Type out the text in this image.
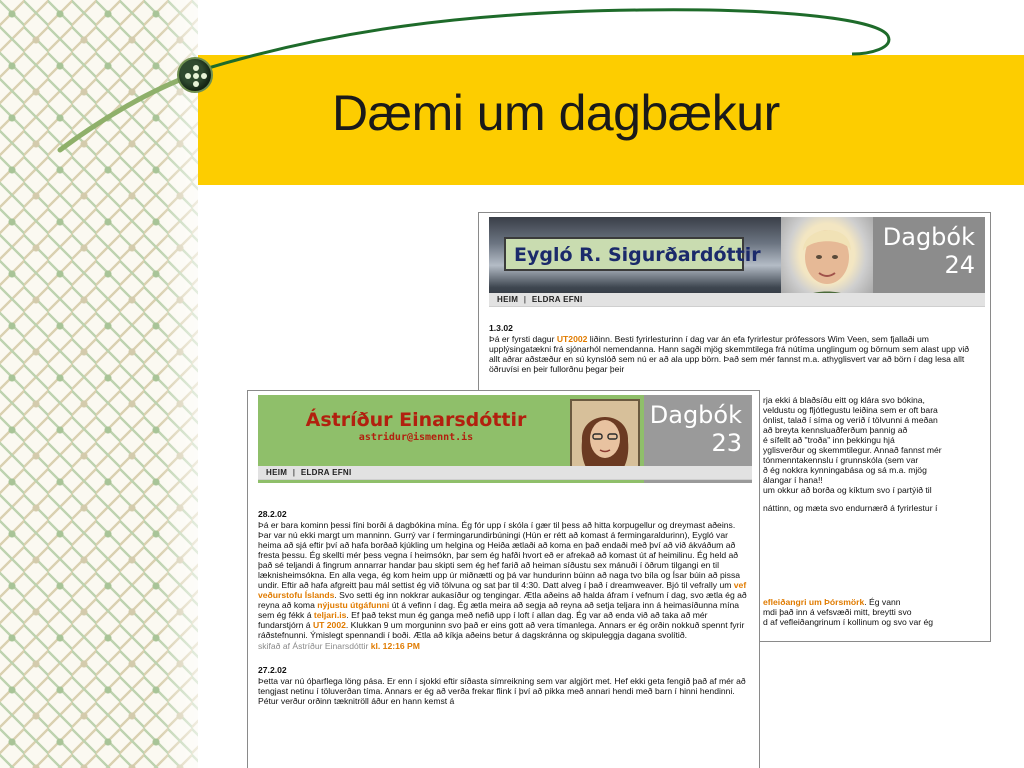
Dæmi um dagbækur
Eygló R. Sigurðardóttir
Dagbók
24
HEIM | ELDRA EFNI
1.3.02
Þá er fyrsti dagur UT2002 liðinn. Besti fyrirlesturinn í dag var án efa fyrirlestur prófessors Wim Veen, sem fjallaði um upplýsingatækni frá sjónarhól nemendanna. Hann sagði mjög skemmtilega frá nútíma unglingum og börnum sem alast upp við allt aðrar aðstæður en sú kynslóð sem nú er að ala upp börn. Það sem mér fannst m.a. athyglisvert var að börn í dag lesa allt öðruvísi en þeir fullorðnu þegar þeir
rja ekki á blaðsíðu eitt og klára svo bókina,
veldustu og fljótlegustu leiðina sem er oft bara
ónlist, talað í síma og verið í tölvunni á meðan
að breyta kennsluaðferðum þannig að
é sífellt að "troða" inn þekkingu hjá
yglisverður og skemmtilegur. Annað fannst mér
tónmenntakennslu í grunnskóla (sem var
ð ég nokkra kynningabása og sá m.a. mjög
álangar í hana!!
um okkur að borða og kíktum svo í partýið til
náttinn, og mæta svo endurnærð á fyrirlestur í
efleiðangri um Þórsmörk. Ég vann
mdi það inn á vefsvæði mitt, breytti svo
d af vefleiðangrinum í kollinum og svo var ég
Ástríður Einarsdóttir
astridur@ismennt.is
Dagbók
23
HEIM | ELDRA EFNI
28.2.02
Þá er bara kominn þessi fíni borði á dagbókina mína. Ég fór upp í skóla í gær til þess að hitta korpugellur og dreymast aðeins. Þar var nú ekki margt um manninn. Gurrý var í fermingarundirbúningi (Hún er rétt að komast á fermingaraldurinn), Eygló var heima að sjá eftir því að hafa borðað kjúkling um helgina og Heiða ætlaði að koma en það endaði með því að við ákváðum að fresta þessu. Ég skellti mér þess vegna í heimsókn, þar sem ég hafði hvort eð er afrekað að komast út af heimilinu. Ég held að það sé teljandi á fingrum annarrar handar þau skipti sem ég hef farið að heiman síðustu sex mánuði í öðrum tilgangi en til læknisheimsókna. En alla vega, ég kom heim upp úr miðnætti og þá var hundurinn búinn að naga tvo bíla og Ísar búin að pissa undir. Eftir að hafa afgreitt þau mál settist ég við tölvuna og sat þar til 4:30. Datt alveg í það í dreamweaver. Bjó til vefrally um vef veðurstofu Íslands. Svo setti ég inn nokkrar aukasíður og tengingar. Ætla aðeins að halda áfram í vefnum í dag, svo ætla ég að reyna að koma nýjustu útgáfunni út á vefinn í dag. Ég ætla meira að segja að reyna að setja teljara inn á heimasíðunna mína sem ég fékk á teljari.is. Ef það tekst mun ég ganga með nefið upp í loft í allan dag. Ég var að enda við að taka að mér fundarstjórn á UT 2002. Klukkan 9 um morguninn svo það er eins gott að vera tímanlega. Annars er ég orðin nokkuð spennt fyrir ráðstefnunni. Ýmislegt spennandi í boði. Ætla að kíkja aðeins betur á dagskránna og skipuleggja dagana svolítið.
skifað af Ástríður Einarsdóttir kl. 12:16 PM
27.2.02
Þetta var nú óþarflega löng pása. Er enn í sjokki eftir síðasta símreikning sem var algjört met. Hef ekki geta fengið það af mér að tengjast netinu í töluverðan tíma. Annars er ég að verða frekar flink í því að pikka með annari hendi með barn í hinni hendinni. Pétur verður orðinn tæknitröll áður en hann kemst á
